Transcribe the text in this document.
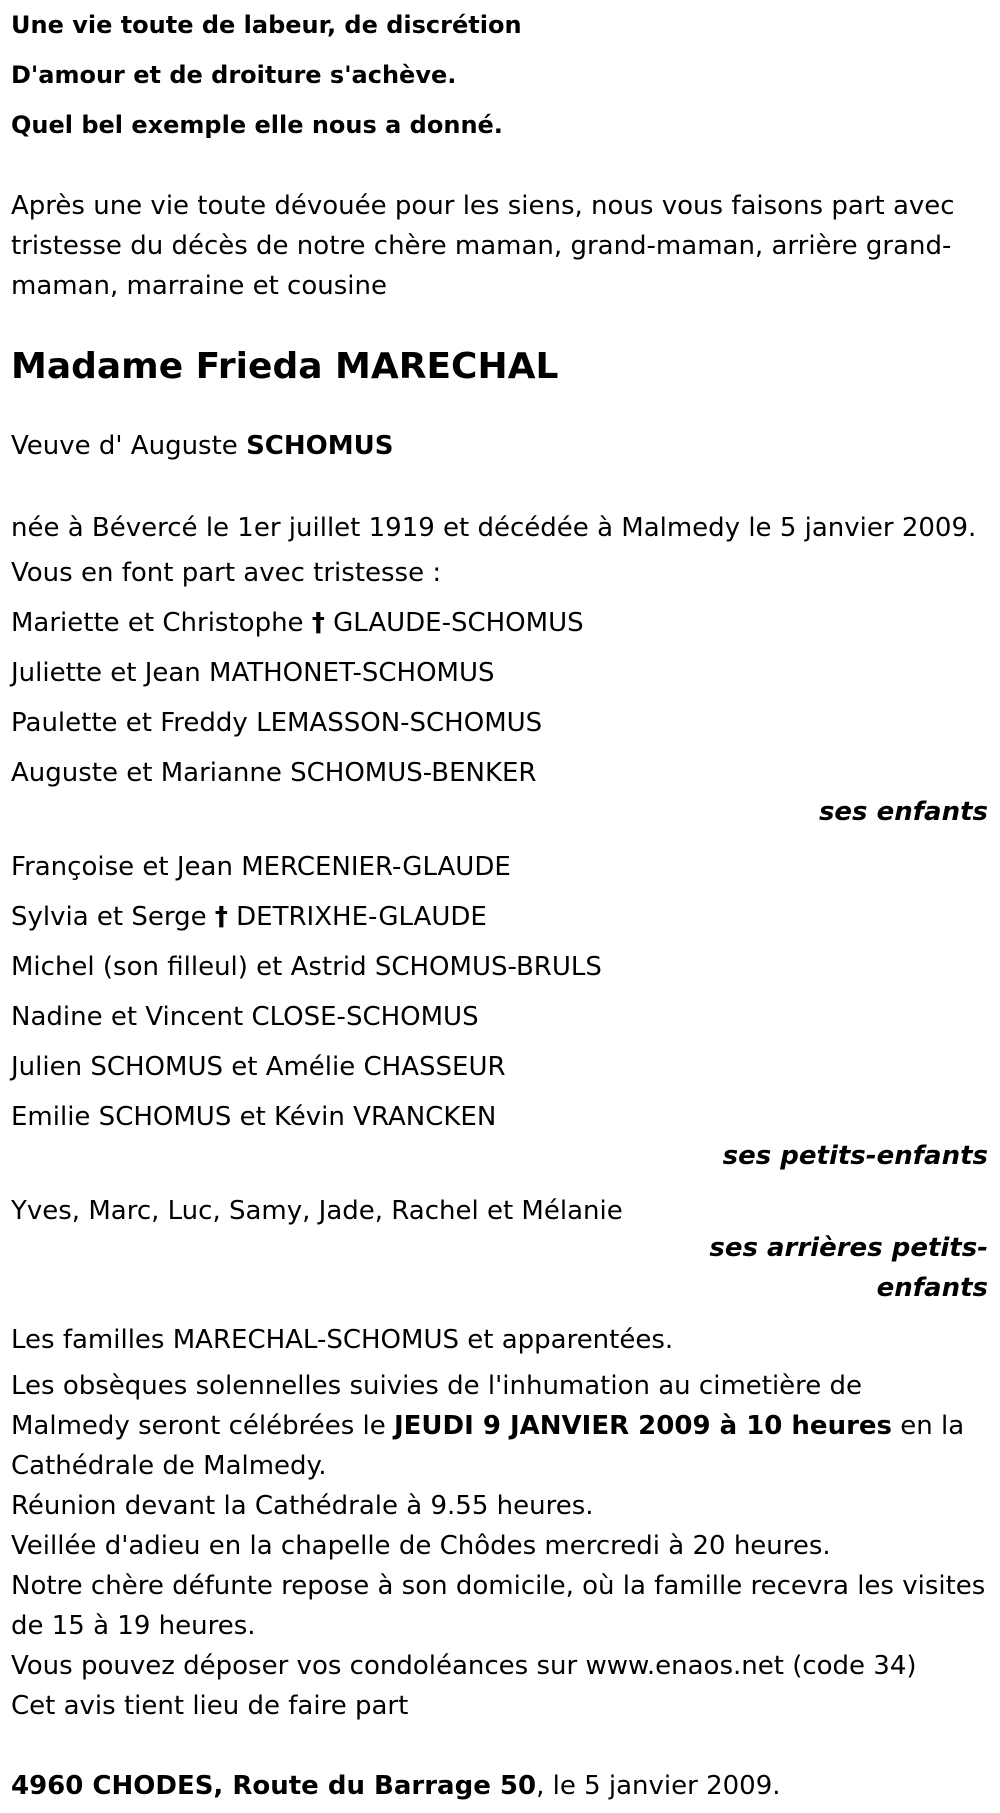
Une vie toute de labeur, de discrétion

D'amour et de droiture s'achève.

Quel bel exemple elle nous a donné.

Après une vie toute dévouée pour les siens, nous vous faisons part avec tristesse du décès de notre chère maman, grand-maman, arrière grand-maman, marraine et cousine

Madame Frieda MARECHAL

Veuve d' Auguste SCHOMUS

née à Bévercé le 1er juillet 1919 et décédée à Malmedy le 5 janvier 2009.

Vous en font part avec tristesse :

Mariette et Christophe † GLAUDE-SCHOMUS

Juliette et Jean MATHONET-SCHOMUS

Paulette et Freddy LEMASSON-SCHOMUS

Auguste et Marianne SCHOMUS-BENKER

ses enfants

Françoise et Jean MERCENIER-GLAUDE

Sylvia et Serge † DETRIXHE-GLAUDE

Michel (son filleul) et Astrid SCHOMUS-BRULS

Nadine et Vincent CLOSE-SCHOMUS

Julien SCHOMUS et Amélie CHASSEUR

Emilie SCHOMUS et Kévin VRANCKEN

ses petits-enfants

Yves, Marc, Luc, Samy, Jade, Rachel et Mélanie

ses arrières petits-
enfants

Les familles MARECHAL-SCHOMUS et apparentées.

Les obsèques solennelles suivies de l'inhumation au cimetière de Malmedy seront célébrées le JEUDI 9 JANVIER 2009 à 10 heures en la Cathédrale de Malmedy.

Réunion devant la Cathédrale à 9.55 heures.

Veillée d'adieu en la chapelle de Chôdes mercredi à 20 heures.

Notre chère défunte repose à son domicile, où la famille recevra les visites de 15 à 19 heures.

Vous pouvez déposer vos condoléances sur www.enaos.net (code 34)

Cet avis tient lieu de faire part

4960 CHODES, Route du Barrage 50, le 5 janvier 2009.
